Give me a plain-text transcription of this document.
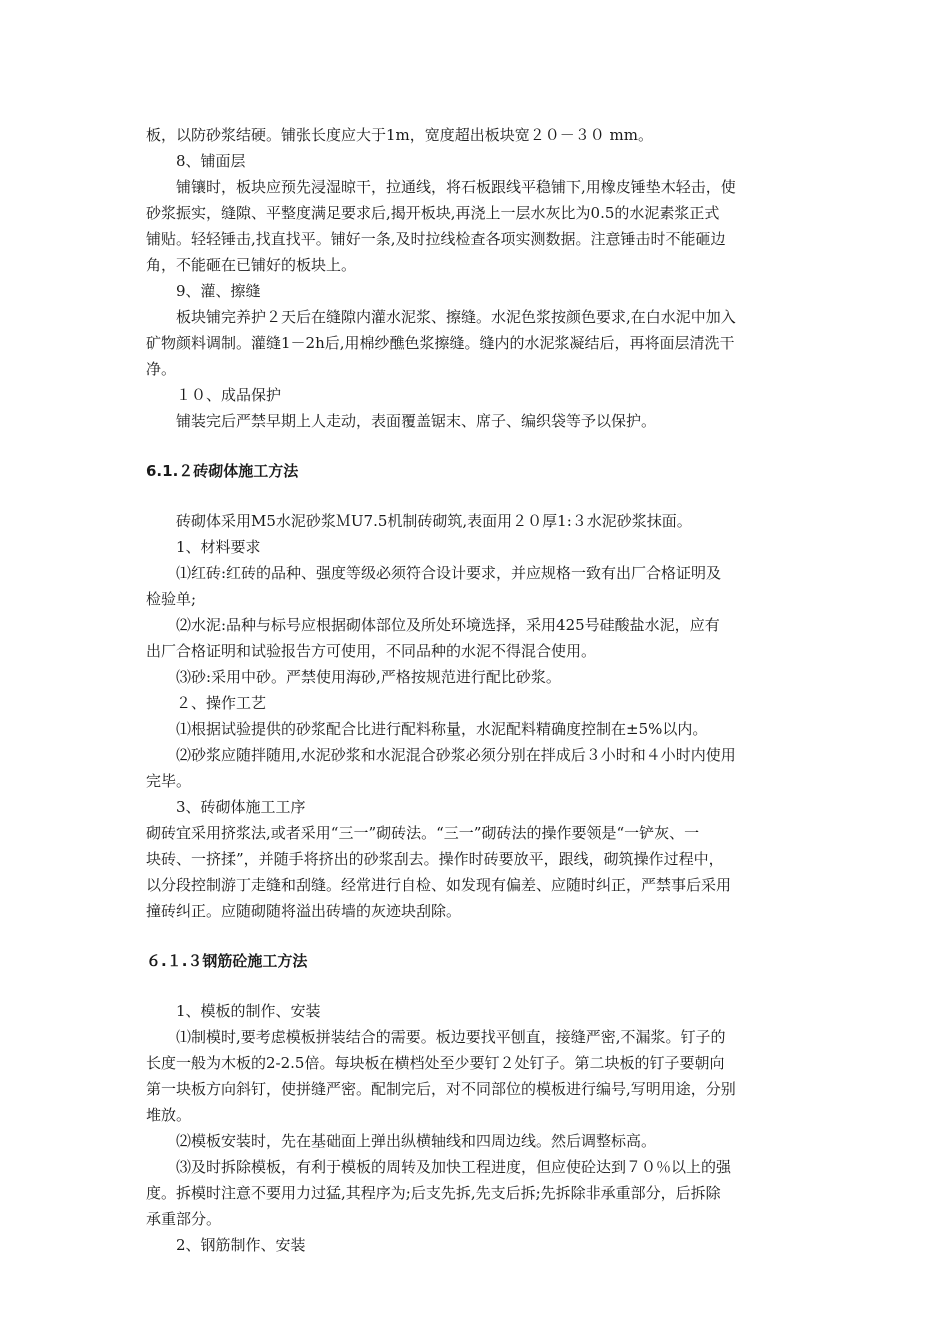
板，以防砂浆结硬。铺张长度应大于1m，宽度超出板块宽２０－３０ mm。
8、铺面层
铺镶时，板块应预先浸湿晾干，拉通线，将石板跟线平稳铺下,用橡皮锤垫木轻击，使
砂浆振实，缝隙、平整度满足要求后,揭开板块,再浇上一层水灰比为0.5的水泥素浆正式
铺贴。轻轻锤击,找直找平。铺好一条,及时拉线检查各项实测数据。注意锤击时不能砸边
角，不能砸在已铺好的板块上。
9、灌、擦缝
板块铺完养护２天后在缝隙内灌水泥浆、擦缝。水泥色浆按颜色要求,在白水泥中加入
矿物颜料调制。灌缝1－2h后,用棉纱醮色浆擦缝。缝内的水泥浆凝结后，再将面层清洗干
净。
１０、成品保护
铺装完后严禁早期上人走动，表面覆盖锯末、席子、编织袋等予以保护。
6.1.２砖砌体施工方法
砖砌体采用M5水泥砂浆ＭU7.5机制砖砌筑,表面用２０厚1:３水泥砂浆抹面。
1、材料要求
⑴红砖:红砖的品种、强度等级必须符合设计要求，并应规格一致有出厂合格证明及
检验单;
⑵水泥:品种与标号应根据砌体部位及所处环境选择，采用425号硅酸盐水泥，应有
出厂合格证明和试验报告方可使用，不同品种的水泥不得混合使用。
⑶砂:采用中砂。严禁使用海砂,严格按规范进行配比砂浆。
２、操作工艺
⑴根据试验提供的砂浆配合比进行配料称量，水泥配料精确度控制在±5%以内。
⑵砂浆应随拌随用,水泥砂浆和水泥混合砂浆必须分别在拌成后３小时和４小时内使用
完毕。
3、砖砌体施工工序
砌砖宜采用挤浆法,或者采用“三一”砌砖法。“三一”砌砖法的操作要领是“一铲灰、一
块砖、一挤揉”，并随手将挤出的砂浆刮去。操作时砖要放平，跟线，砌筑操作过程中，
以分段控制游丁走缝和刮缝。经常进行自检、如发现有偏差、应随时纠正，严禁事后采用
撞砖纠正。应随砌随将溢出砖墙的灰迹块刮除。
６.１.３钢筋砼施工方法
1、模板的制作、安装
⑴制模时,要考虑模板拼装结合的需要。板边要找平刨直，接缝严密,不漏浆。钉子的
长度一般为木板的2-2.5倍。每块板在横档处至少要钉２处钉子。第二块板的钉子要朝向
第一块板方向斜钉，使拼缝严密。配制完后，对不同部位的模板进行编号,写明用途，分别
堆放。
⑵模板安装时，先在基础面上弹出纵横轴线和四周边线。然后调整标高。
⑶及时拆除模板，有利于模板的周转及加快工程进度，但应使砼达到７０％以上的强
度。拆模时注意不要用力过猛,其程序为;后支先拆,先支后拆;先拆除非承重部分，后拆除
承重部分。
2、钢筋制作、安装
